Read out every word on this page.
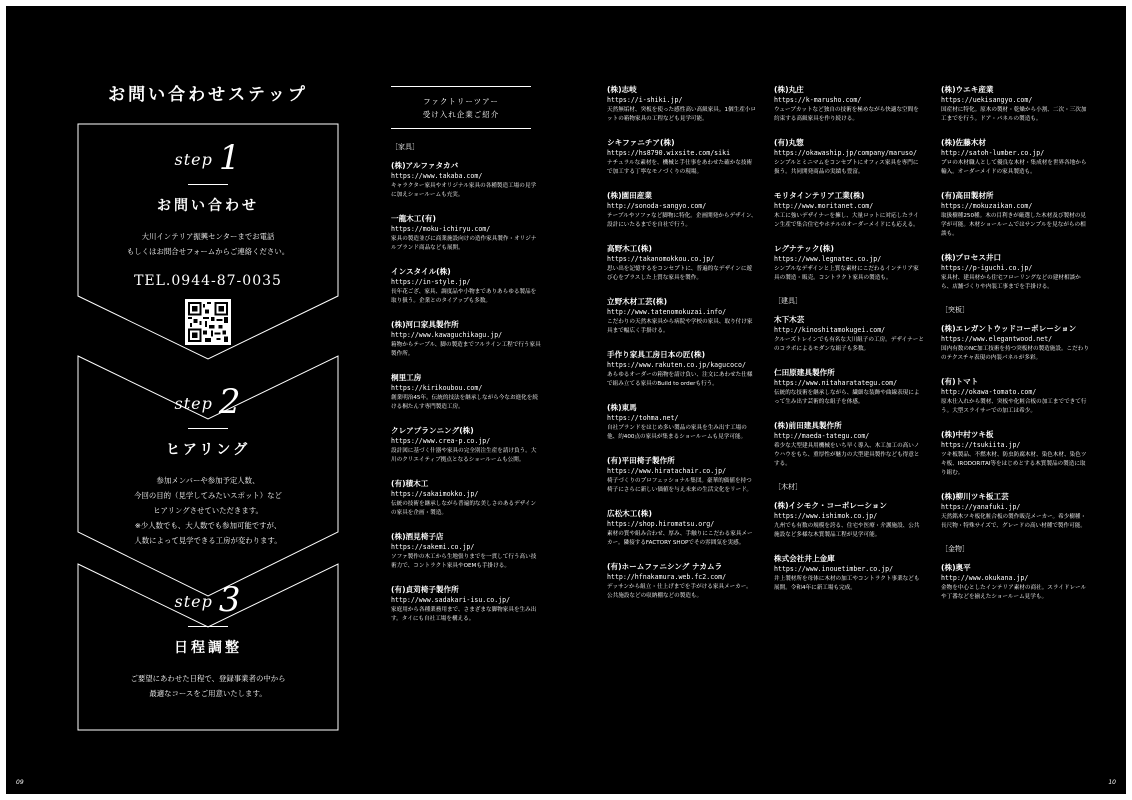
お問い合わせステップ
step 1
お問い合わせ
大川インテリア振興センターまでお電話
もしくはお問合せフォームからご連絡ください。
TEL.0944-87-0035
step 2
ヒアリング
参加メンバーや参加予定人数、
今回の目的（見学してみたいスポット）など
ヒアリングさせていただきます。
※少人数でも、大人数でも参加可能ですが、
人数によって見学できる工房が変わります。
step 3
日程調整
ご要望にあわせた日程で、登録事業者の中から
最適なコースをご用意いたします。
ファクトリーツアー
受け入れ企業ご紹介
［家具］
(株)アルファタカバ
https://www.takaba.com/
キャラクター家具やオリジナル家具の各種製造工場の見学に加えショールームも充実。
一龍木工(有)
https://moku-ichiryu.com/
家具の製造並びに商業施設向けの造作家具製作・オリジナルブランド商品なども展開。
インスタイル(株)
https://in-style.jp/
長年花ござ、家具、調度品や小物までありあらゆる製品を取り扱う。企業とのタイアップも多数。
(株)河口家具製作所
http://www.kawaguchikagu.jp/
箱物からテーブル、脚の製造までフルライン工程で行う家具製作所。
桐里工房
https://kirikoubou.com/
創業明治45年。伝統的技法を継承しながら今なお進化を続ける桐たんす専門製造工房。
クレアプランニング(株)
https://www.crea-p.co.jp/
設計図に基づく什器や家具の完全別注生産を請け負う。大川のクリエイティブ拠点となるショールームも公開。
(有)積木工
https://sakaimokko.jp/
伝統の技術を継承しながら普遍的な美しさのあるデザインの家具を企画・製造。
(株)酒見椅子店
https://sakemi.co.jp/
ソファ製作の木工から生地張りまでを一貫して行う高い技術力で、コントラクト家具やOEMも手掛ける。
(有)貞苅椅子製作所
http://www.sadakari-isu.co.jp/
家庭用から各種業務用まで、さまざまな脚物家具を生み出す。タイにも自社工場を構える。
(株)志岐
https://i-shiki.jp/
天然無垢材、突板を使った感性高い高級家具。1個生産小ロットの箱物家具の工程なども見学可能。
シキファニチア(株)
https://hs8790.wixsite.com/siki
ナチュラルな素材を、機械と手仕事をあわせた確かな技術で加工する丁寧なモノづくりの現場。
(株)園田産業
http://sonoda-sangyo.com/
テーブルやソファなど脚物に特化。企画開発からデザイン、設計にいたるまでを自社で行う。
高野木工(株)
https://takanomokkou.co.jp/
思い出を記憶するをコンセプトに、普遍的なデザインに遊び心をプラスした上質な家具を製作。
立野木材工芸(株)
http://www.tatenomokuzai.info/
こだわりの天然木家具から病院や学校の家具、取り付け家具まで幅広く手掛ける。
手作り家具工房日本の匠(株)
https://www.rakuten.co.jp/kagucoco/
あらゆるオーダーの箱物を請け負い、注文にあわせた仕様で組み立てる家具のBuild to orderも行う。
(株)東馬
https://tohma.net/
自社ブランドをはじめ多い製品の家具を生み出す工場の他、約400点の家具が集まるショールームも見学可能。
(有)平田椅子製作所
https://www.hiratachair.co.jp/
椅子づくりのプロフェッショナル集団。豪華的価値を持つ椅子にさらに新しい価値を与え未来の生活文化をリード。
広松木工(株)
https://shop.hiromatsu.org/
素材の質や組み合わせ、厚み、手触りにこだわる家具メーカー。隣接するFACTORY SHOPでその雰囲気を実感。
(有)ホームファニシング ナカムラ
http://hfnakamura.web.fc2.com/
デッサンから組立・仕上げまでを手がける家具メーカー。公共施設などの収納棚などの製造も。
(株)丸庄
https://k-marusho.com/
ウェーブカットなど独自の技術を極めながら快適な空間を約束する高級家具を作り続ける。
(有)丸惣
https://okawaship.jp/company/maruso/
シンプルとミニマムをコンセプトにオフィス家具を専門に扱う。共同開発商品の実績も豊富。
モリタインテリア工業(株)
http://www.moritanet.com/
木工に強いデザイナーを擁し、大量ロットに対応したライン生産で集合住宅やホテルのオーダーメイドにも応える。
レグナテック(株)
https://www.legnatec.co.jp/
シンプルなデザインと上質な素材にこだわるインテリア家具の製造・販売。コントラクト家具の製造も。
［建具］
木下木芸
http://kinoshitamokugei.com/
クルーズトレインでも有名な大川組子の工房。デザイナーとのコラボによるモダンな組子も多数。
仁田原建具製作所
https://www.nitaharatategu.com/
伝統的な技術を継承しながら、繊細な装飾や曲線表現によって生み出す芸術的な組子を体感。
(株)前田建具製作所
http://maeda-tategu.com/
希少な大型建具用機械をいち早く導入、木工加工の高いノウハウをもち、重厚性が魅力の大型建具製作なども得意とする。
［木材］
(株)イシモク・コーポレーション
https://www.ishimok.co.jp/
九州でも有数の規模を誇る、住宅や医療・介護施設、公共施設など多様な木質製品工程が見学可能。
株式会社井上金庫
https://www.inouetimber.co.jp/
井上製材所を母体に木材の加工やコントラクト事業なども展開。令和4年に新工場も完成。
(株)ウエキ産業
https://uekisangyo.com/
国産材に特化。原木の製材・乾燥から小割、二次・三次加工までを行う。ドア・パネルの製造も。
(株)佐藤木材
http://satoh-lumber.co.jp/
プロの木材職人として優良な木材・集成材を世界各地から輸入。オーダーメイドの家具製造も。
(有)高田製材所
https://mokuzaikan.com/
取扱樹種250種。木の目利きが厳選した木材及び製材の見学が可能。木材ショールームではサンプルを見ながらの相談も。
(株)プロセス井口
https://p-iguchi.co.jp/
家具材、建具材から住宅フローリングなどの建材相談から、店舗づくりや内装工事までを手掛ける。
［突板］
(株)エレガントウッドコーポレーション
https://www.elegantwood.net/
国内有数のNC加工技術を持つ突板材の製造施設。こだわりのテクスチャ表現の内装パネルが多彩。
(有)トマト
http://okawa-tomato.com/
原木仕入れから製材、突板や化粧合板の加工までできて行う。大型スライサーでの加工は希少。
(株)中村ツキ板
https://tsukiita.jp/
ツキ板製品、不燃木材、防虫防腐木材、染色木材、染色ツキ板、IRODORITAI等をはじめとする木質製品の製造に取り組む。
(株)柳川ツキ板工芸
https://yanafuki.jp/
天然銘木ツキ板化粧合板の製作販売メーカー。希少樹種・長尺物・特殊サイズで、グレードの高い材種で製作可能。
［金物］
(株)奥平
http://www.okukana.jp/
金物を中心としたインテリア素材の商社。スライドレールや丁番などを揃えたショールーム見学も。
09	10
